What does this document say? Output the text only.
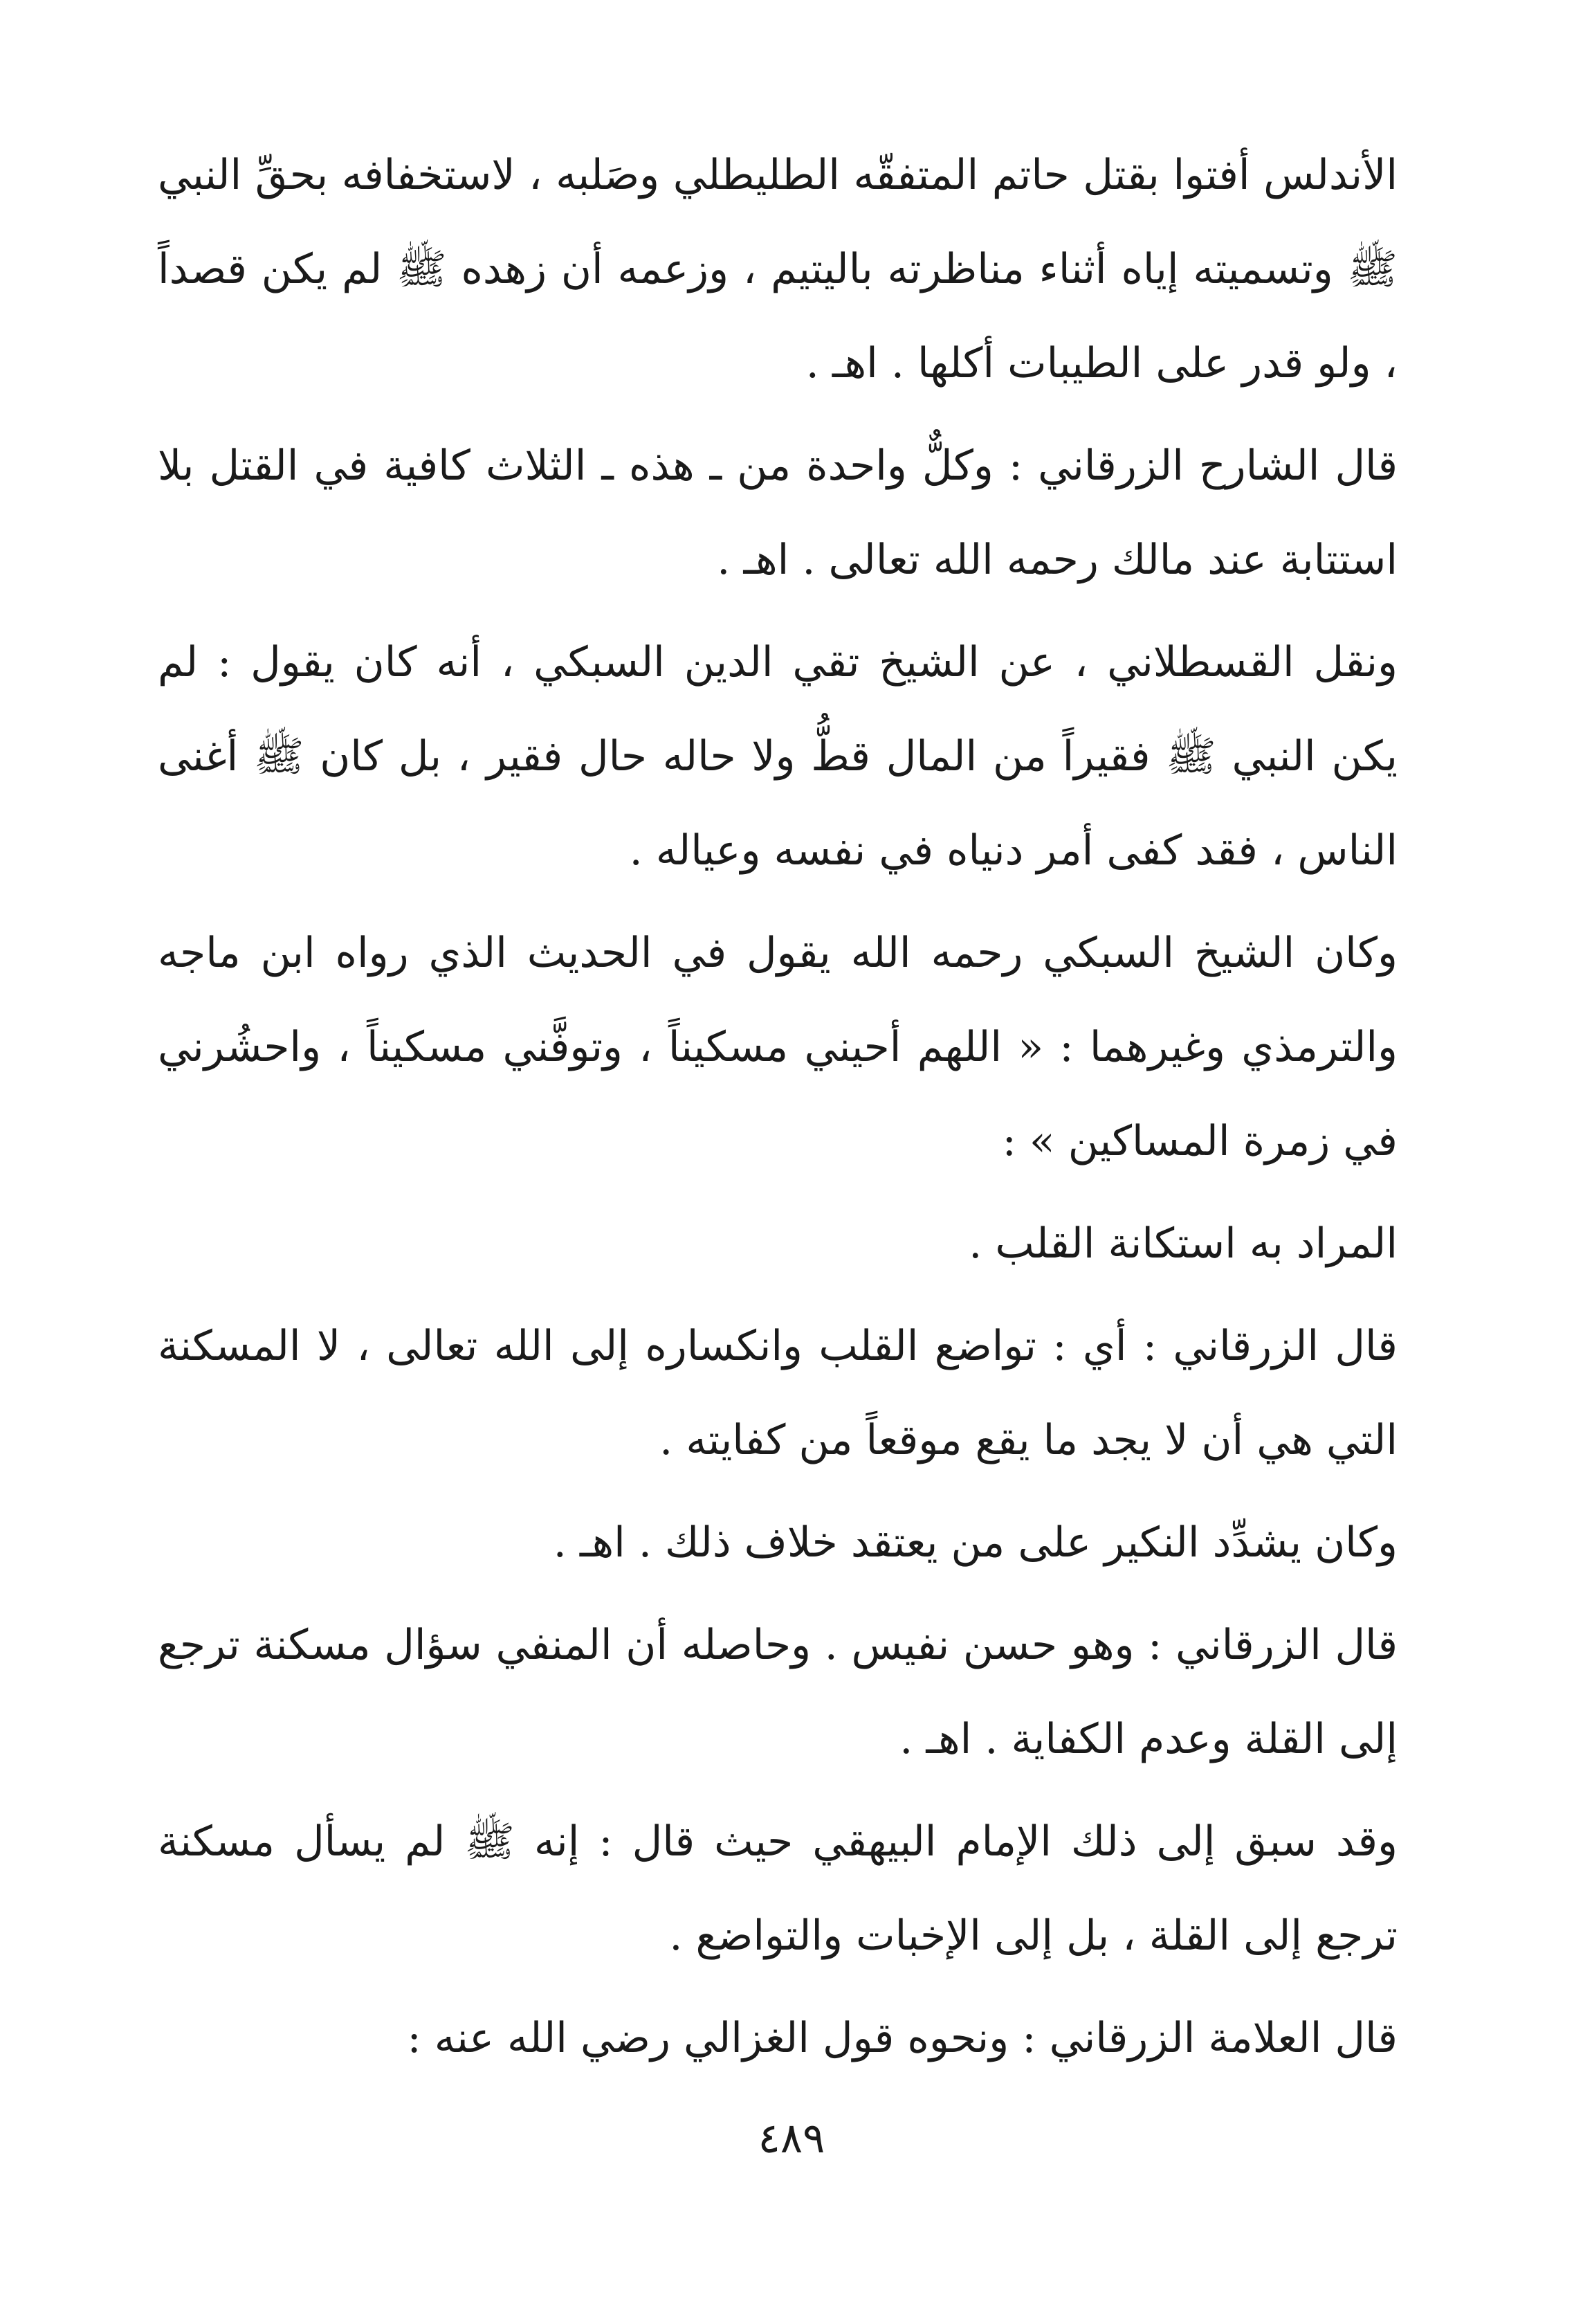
الأندلس أفتوا بقتل حاتم المتفقّه الطليطلي وصَلبه ، لاستخفافه بحقِّ النبي ﷺ وتسميته إياه أثناء مناظرته باليتيم ، وزعمه أن زهده ﷺ لم يكن قصداً ، ولو قدر على الطيبات أكلها . اهـ .

قال الشارح الزرقاني : وكلٌّ واحدة من ـ هذه ـ الثلاث كافية في القتل بلا استتابة عند مالك رحمه الله تعالى . اهـ .

ونقل القسطلاني ، عن الشيخ تقي الدين السبكي ، أنه كان يقول : لم يكن النبي ﷺ فقيراً من المال قطُّ ولا حاله حال فقير ، بل كان ﷺ أغنى الناس ، فقد كفى أمر دنياه في نفسه وعياله .

وكان الشيخ السبكي رحمه الله يقول في الحديث الذي رواه ابن ماجه والترمذي وغيرهما : « اللهم أحيني مسكيناً ، وتوفَّني مسكيناً ، واحشُرني في زمرة المساكين » :

المراد به استكانة القلب .

قال الزرقاني : أي : تواضع القلب وانكساره إلى الله تعالى ، لا المسكنة التي هي أن لا يجد ما يقع موقعاً من كفايته .

وكان يشدِّد النكير على من يعتقد خلاف ذلك . اهـ .

قال الزرقاني : وهو حسن نفيس . وحاصله أن المنفي سؤال مسكنة ترجع إلى القلة وعدم الكفاية . اهـ .

وقد سبق إلى ذلك الإمام البيهقي حيث قال : إنه ﷺ لم يسأل مسكنة ترجع إلى القلة ، بل إلى الإخبات والتواضع .

قال العلامة الزرقاني : ونحوه قول الغزالي رضي الله عنه :

٤٨٩
